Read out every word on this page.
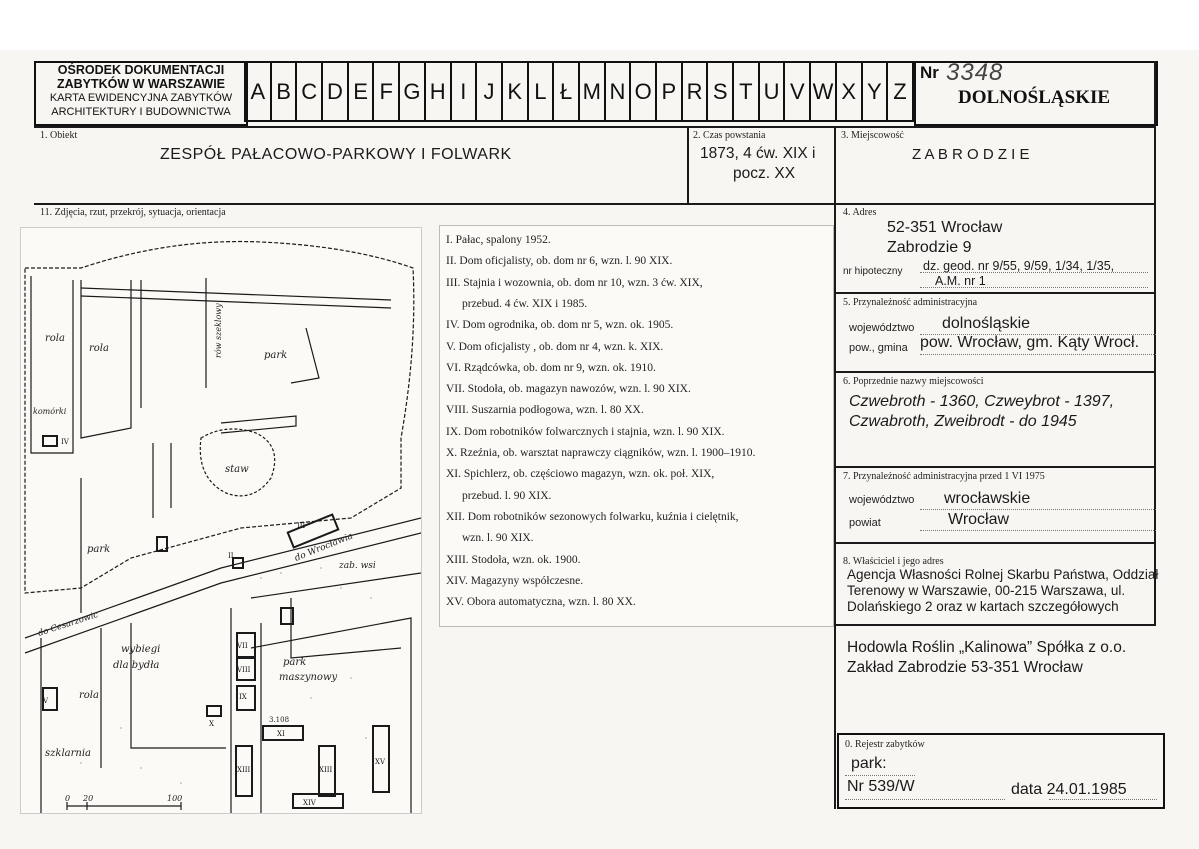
OŚRODEK DOKUMENTACJI
ZABYTKÓW W WARSZAWIE
KARTA EWIDENCYJNA ZABYTKÓW
ARCHITEKTURY I BUDOWNICTWA
A B C D E F G H I J K L Ł M N O P R S T U V W X Y Z
Nr 3348
DOLNOŚLĄSKIE
1. Obiekt
ZESPÓŁ PAŁACOWO-PARKOWY I FOLWARK
2. Czas powstania
1873, 4 ćw. XIX i
pocz. XX
3. Miejscowość
Z A B R O D Z I E
11. Zdjęcia, rzut, przekrój, sytuacja, orientacja	4. Adres
52-351 Wrocław
Zabrodzie 9
nr hipoteczny dz. geod. nr 9/55, 9/59, 1/34, 1/35,
A.M. nr 1
5. Przynależność administracyjna
województwo dolnośląskie
pow., gmina pow. Wrocław, gm. Kąty Wrocł.
6. Poprzednie nazwy miejscowości
Czwebroth - 1360, Czweybrot - 1397,
Czwabroth, Zweibrodt - do 1945
7. Przynależność administracyjna przed 1 VI 1975
województwo wrocławskie
powiat	Wrocław
8. Właściciel i jego adres
Agencja Własności Rolnej Skarbu Państwa, Oddział
Terenowy w Warszawie, 00-215 Warszawa, ul.
Dolańskiego 2 oraz w kartach szczegółowych
Hodowla Roślin „Kalinowa” Spółka z o.o.
Zakład Zabrodzie 53-351 Wrocław
0. Rejestr zabytków
park:
Nr 539/W	data 24.01.1985
I. Pałac, spalony 1952.
II. Dom oficjalisty, ob. dom nr 6, wzn. l. 90 XIX.
III. Stajnia i wozownia, ob. dom nr 10, wzn. 3 ćw. XIX,
przebud. 4 ćw. XIX i 1985.
IV. Dom ogrodnika, ob. dom nr 5, wzn. ok. 1905.
V. Dom oficjalisty , ob. dom nr 4, wzn. k. XIX.
VI. Rządcówka, ob. dom nr 9, wzn. ok. 1910.
VII. Stodoła, ob. magazyn nawozów, wzn. l. 90 XIX.
VIII. Suszarnia podłogowa, wzn. l. 80 XX.
IX. Dom robotników folwarcznych i stajnia, wzn. l. 90 XIX.
X. Rzeźnia, ob. warsztat naprawczy ciągników, wzn. l. 1900–1910.
XI. Spichlerz, ob. częściowo magazyn, wzn. ok. poł. XIX,
przebud. l. 90 XIX.
XII. Dom robotników sezonowych folwarku, kuźnia i cielętnik,
wzn. l. 90 XIX.
XIII. Stodoła, wzn. ok. 1900.
XIV. Magazyny współczesne.
XV. Obora automatyczna, wzn. l. 80 XX.
rola
rola
komórki
park
staw
park
rów szeklowy
do Wrocławia
zab. wsi
do Cesarzowic
wybiegi
dla bydła	park
maszynowy
rola
szklarnia
0 20	100
3.108
IV
II
III
V
VII
VIII
IX
X
XI
XIII	XIII
XV
XIV
